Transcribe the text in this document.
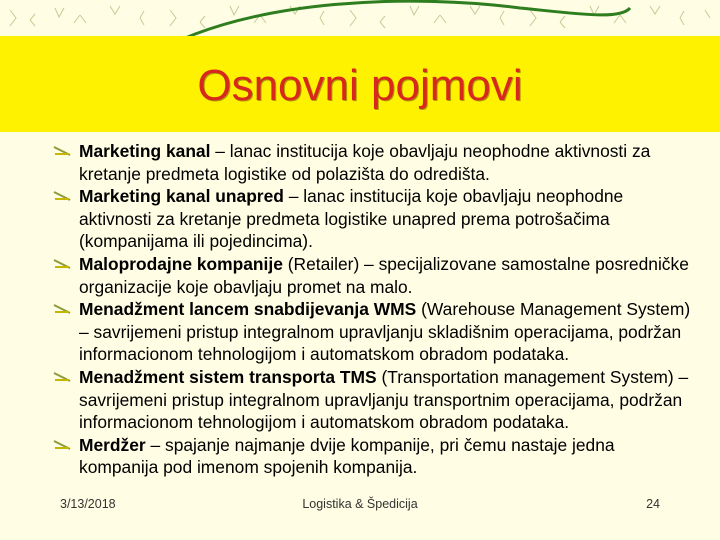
Osnovni pojmovi
Marketing kanal – lanac institucija koje obavljaju neophodne aktivnosti za kretanje predmeta logistike od polazišta do odredišta.
Marketing kanal unapred – lanac institucija koje obavljaju neophodne aktivnosti za kretanje predmeta logistike unapred prema potrošačima (kompanijama ili pojedincima).
Maloprodajne kompanije (Retailer) – specijalizovane samostalne posredničke organizacije koje obavljaju promet na malo.
Menadžment lancem snabdijevanja WMS (Warehouse Management System) – savrijemeni pristup integralnom upravljanju skladišnim operacijama, podržan informacionom tehnologijom i automatskom obradom podataka.
Menadžment sistem transporta TMS (Transportation management System) – savrijemeni pristup integralnom upravljanju transportnim operacijama, podržan informacionom tehnologijom i automatskom obradom podataka.
Merdžer – spajanje najmanje dvije kompanije, pri čemu nastaje jedna kompanija pod imenom spojenih kompanija.
3/13/2018	Logistika & Špedicija	24
